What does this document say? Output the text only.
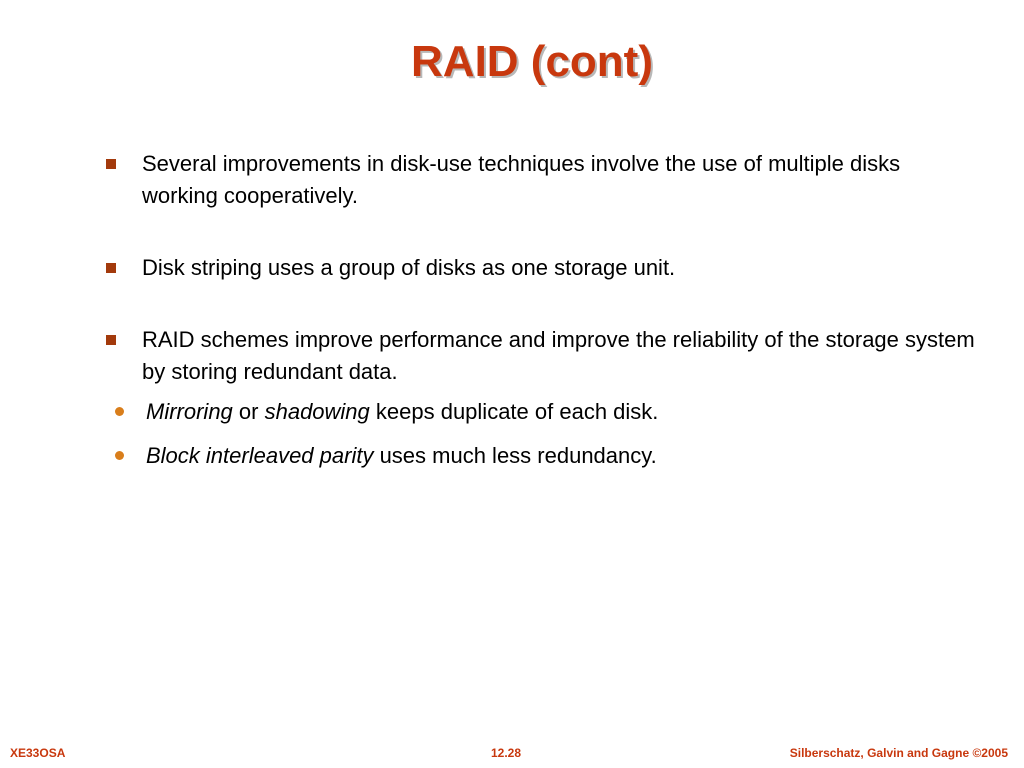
RAID (cont)
Several improvements in disk-use techniques involve the use of multiple disks working cooperatively.
Disk striping uses a group of disks as one storage unit.
RAID schemes improve performance and improve the reliability of the storage system by storing redundant data.
Mirroring or shadowing keeps duplicate of each disk.
Block interleaved parity uses much less redundancy.
XE33OSA	12.28	Silberschatz, Galvin and Gagne ©2005
